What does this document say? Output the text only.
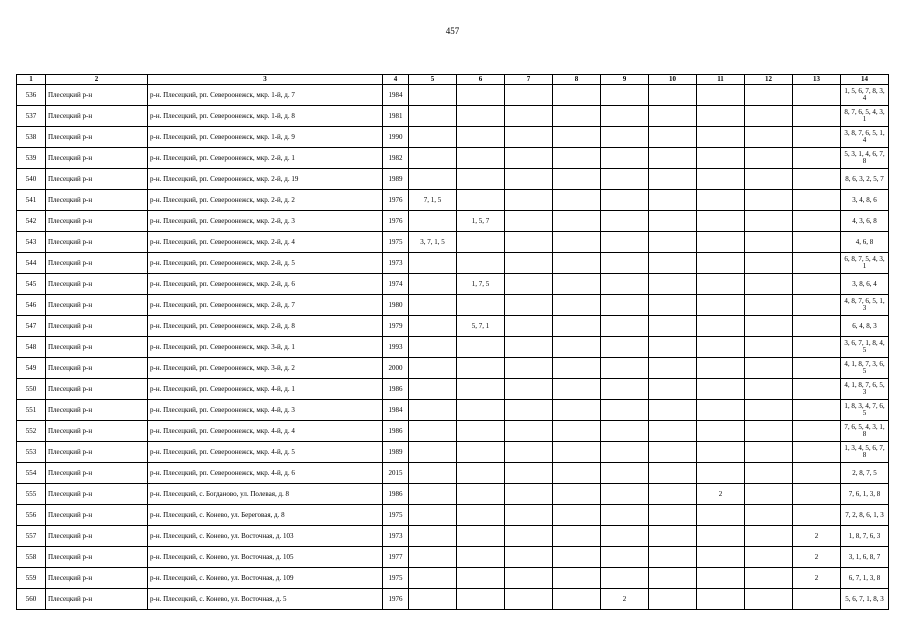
457
1	2	3	4	5	6	7	8	9	10	11	12	13	14
536	Плесецкий р-н	р-н. Плесецкий, рп. Североонежск, мкр. 1-й, д. 7	1984										1, 5, 6, 7, 8, 3, 4
537	Плесецкий р-н	р-н. Плесецкий, рп. Североонежск, мкр. 1-й, д. 8	1981										8, 7, 6, 5, 4, 3, 1
538	Плесецкий р-н	р-н. Плесецкий, рп. Североонежск, мкр. 1-й, д. 9	1990										3, 8, 7, 6, 5, 1, 4
539	Плесецкий р-н	р-н. Плесецкий, рп. Североонежск, мкр. 2-й, д. 1	1982										5, 3, 1, 4, 6, 7, 8
540	Плесецкий р-н	р-н. Плесецкий, рп. Североонежск, мкр. 2-й, д. 19	1989										8, 6, 3, 2, 5, 7
541	Плесецкий р-н	р-н. Плесецкий, рп. Североонежск, мкр. 2-й, д. 2	1976	7, 1, 5									3, 4, 8, 6
542	Плесецкий р-н	р-н. Плесецкий, рп. Североонежск, мкр. 2-й, д. 3	1976		1, 5, 7								4, 3, 6, 8
543	Плесецкий р-н	р-н. Плесецкий, рп. Североонежск, мкр. 2-й, д. 4	1975	3, 7, 1, 5									4, 6, 8
544	Плесецкий р-н	р-н. Плесецкий, рп. Североонежск, мкр. 2-й, д. 5	1973										6, 8, 7, 5, 4, 3, 1
545	Плесецкий р-н	р-н. Плесецкий, рп. Североонежск, мкр. 2-й, д. 6	1974		1, 7, 5								3, 8, 6, 4
546	Плесецкий р-н	р-н. Плесецкий, рп. Североонежск, мкр. 2-й, д. 7	1980										4, 8, 7, 6, 5, 1, 3
547	Плесецкий р-н	р-н. Плесецкий, рп. Североонежск, мкр. 2-й, д. 8	1979		5, 7, 1								6, 4, 8, 3
548	Плесецкий р-н	р-н. Плесецкий, рп. Североонежск, мкр. 3-й, д. 1	1993										3, 6, 7, 1, 8, 4, 5
549	Плесецкий р-н	р-н. Плесецкий, рп. Североонежск, мкр. 3-й, д. 2	2000										4, 1, 8, 7, 3, 6, 5
550	Плесецкий р-н	р-н. Плесецкий, рп. Североонежск, мкр. 4-й, д. 1	1986										4, 1, 8, 7, 6, 5, 3
551	Плесецкий р-н	р-н. Плесецкий, рп. Североонежск, мкр. 4-й, д. 3	1984										1, 8, 3, 4, 7, 6, 5
552	Плесецкий р-н	р-н. Плесецкий, рп. Североонежск, мкр. 4-й, д. 4	1986										7, 6, 5, 4, 3, 1, 8
553	Плесецкий р-н	р-н. Плесецкий, рп. Североонежск, мкр. 4-й, д. 5	1989										1, 3, 4, 5, 6, 7, 8
554	Плесецкий р-н	р-н. Плесецкий, рп. Североонежск, мкр. 4-й, д. 6	2015										2, 8, 7, 5
555	Плесецкий р-н	р-н. Плесецкий, с. Богданово, ул. Полевая, д. 8	1986							2			7, 6, 1, 3, 8
556	Плесецкий р-н	р-н. Плесецкий, с. Конево, ул. Береговая, д. 8	1975										7, 2, 8, 6, 1, 3
557	Плесецкий р-н	р-н. Плесецкий, с. Конево, ул. Восточная, д. 103	1973									2	1, 8, 7, 6, 3
558	Плесецкий р-н	р-н. Плесецкий, с. Конево, ул. Восточная, д. 105	1977									2	3, 1, 6, 8, 7
559	Плесецкий р-н	р-н. Плесецкий, с. Конево, ул. Восточная, д. 109	1975									2	6, 7, 1, 3, 8
560	Плесецкий р-н	р-н. Плесецкий, с. Конево, ул. Восточная, д. 5	1976					2					5, 6, 7, 1, 8, 3
